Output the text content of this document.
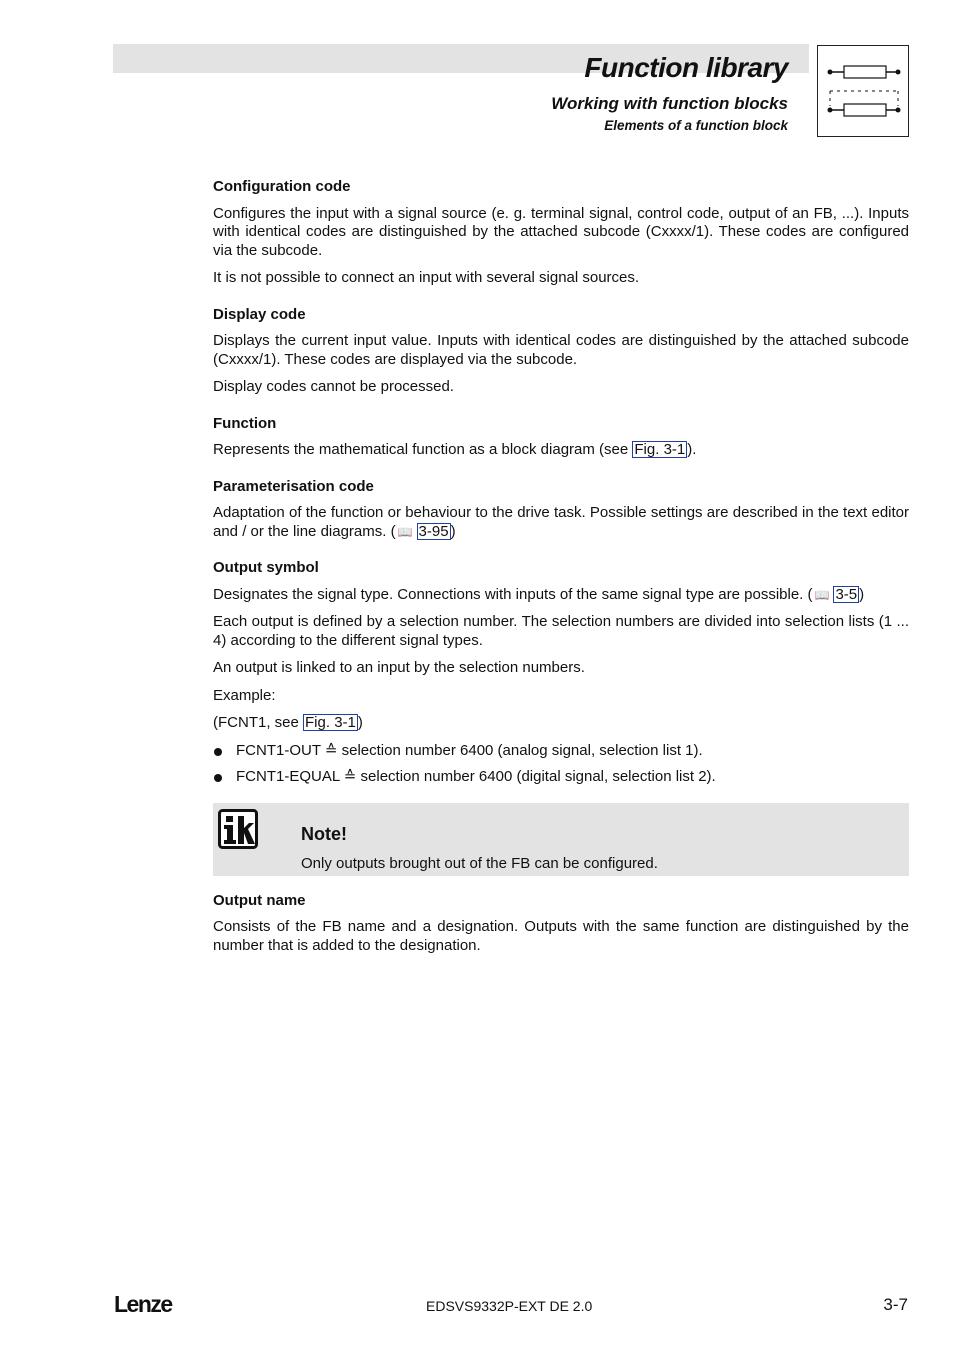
Function library
Working with function blocks
Elements of a function block
Configuration code

Configures the input with a signal source (e. g. terminal signal, control code, output of an FB, ...). Inputs with identical codes are distinguished by the attached subcode (Cxxxx/1). These codes are configured via the subcode.

It is not possible to connect an input with several signal sources.

Display code

Displays the current input value. Inputs with identical codes are distinguished by the attached subcode (Cxxxx/1). These codes are displayed via the subcode.

Display codes cannot be processed.

Function

Represents the mathematical function as a block diagram (see Fig. 3-1 ).

Parameterisation code

Adaptation of the function or behaviour to the drive task. Possible settings are described in the text editor and / or the line diagrams. ( 📖 3-95 )

Output symbol

Designates the signal type. Connections with inputs of the same signal type are possible. ( 📖 3-5 )

Each output is defined by a selection number. The selection numbers are divided into selection lists (1 ... 4) according to the different signal types.

An output is linked to an input by the selection numbers.

Example:

(FCNT1, see Fig. 3-1 )

FCNT1-OUT ≙ selection number 6400 (analog signal, selection list 1).
FCNT1-EQUAL ≙ selection number 6400 (digital signal, selection list 2).
Note!
Only outputs brought out of the FB can be configured.
Output name

Consists of the FB name and a designation. Outputs with the same function are distinguished by the number that is added to the designation.

Lenze	EDSVS9332P-EXT DE 2.0	3-7
